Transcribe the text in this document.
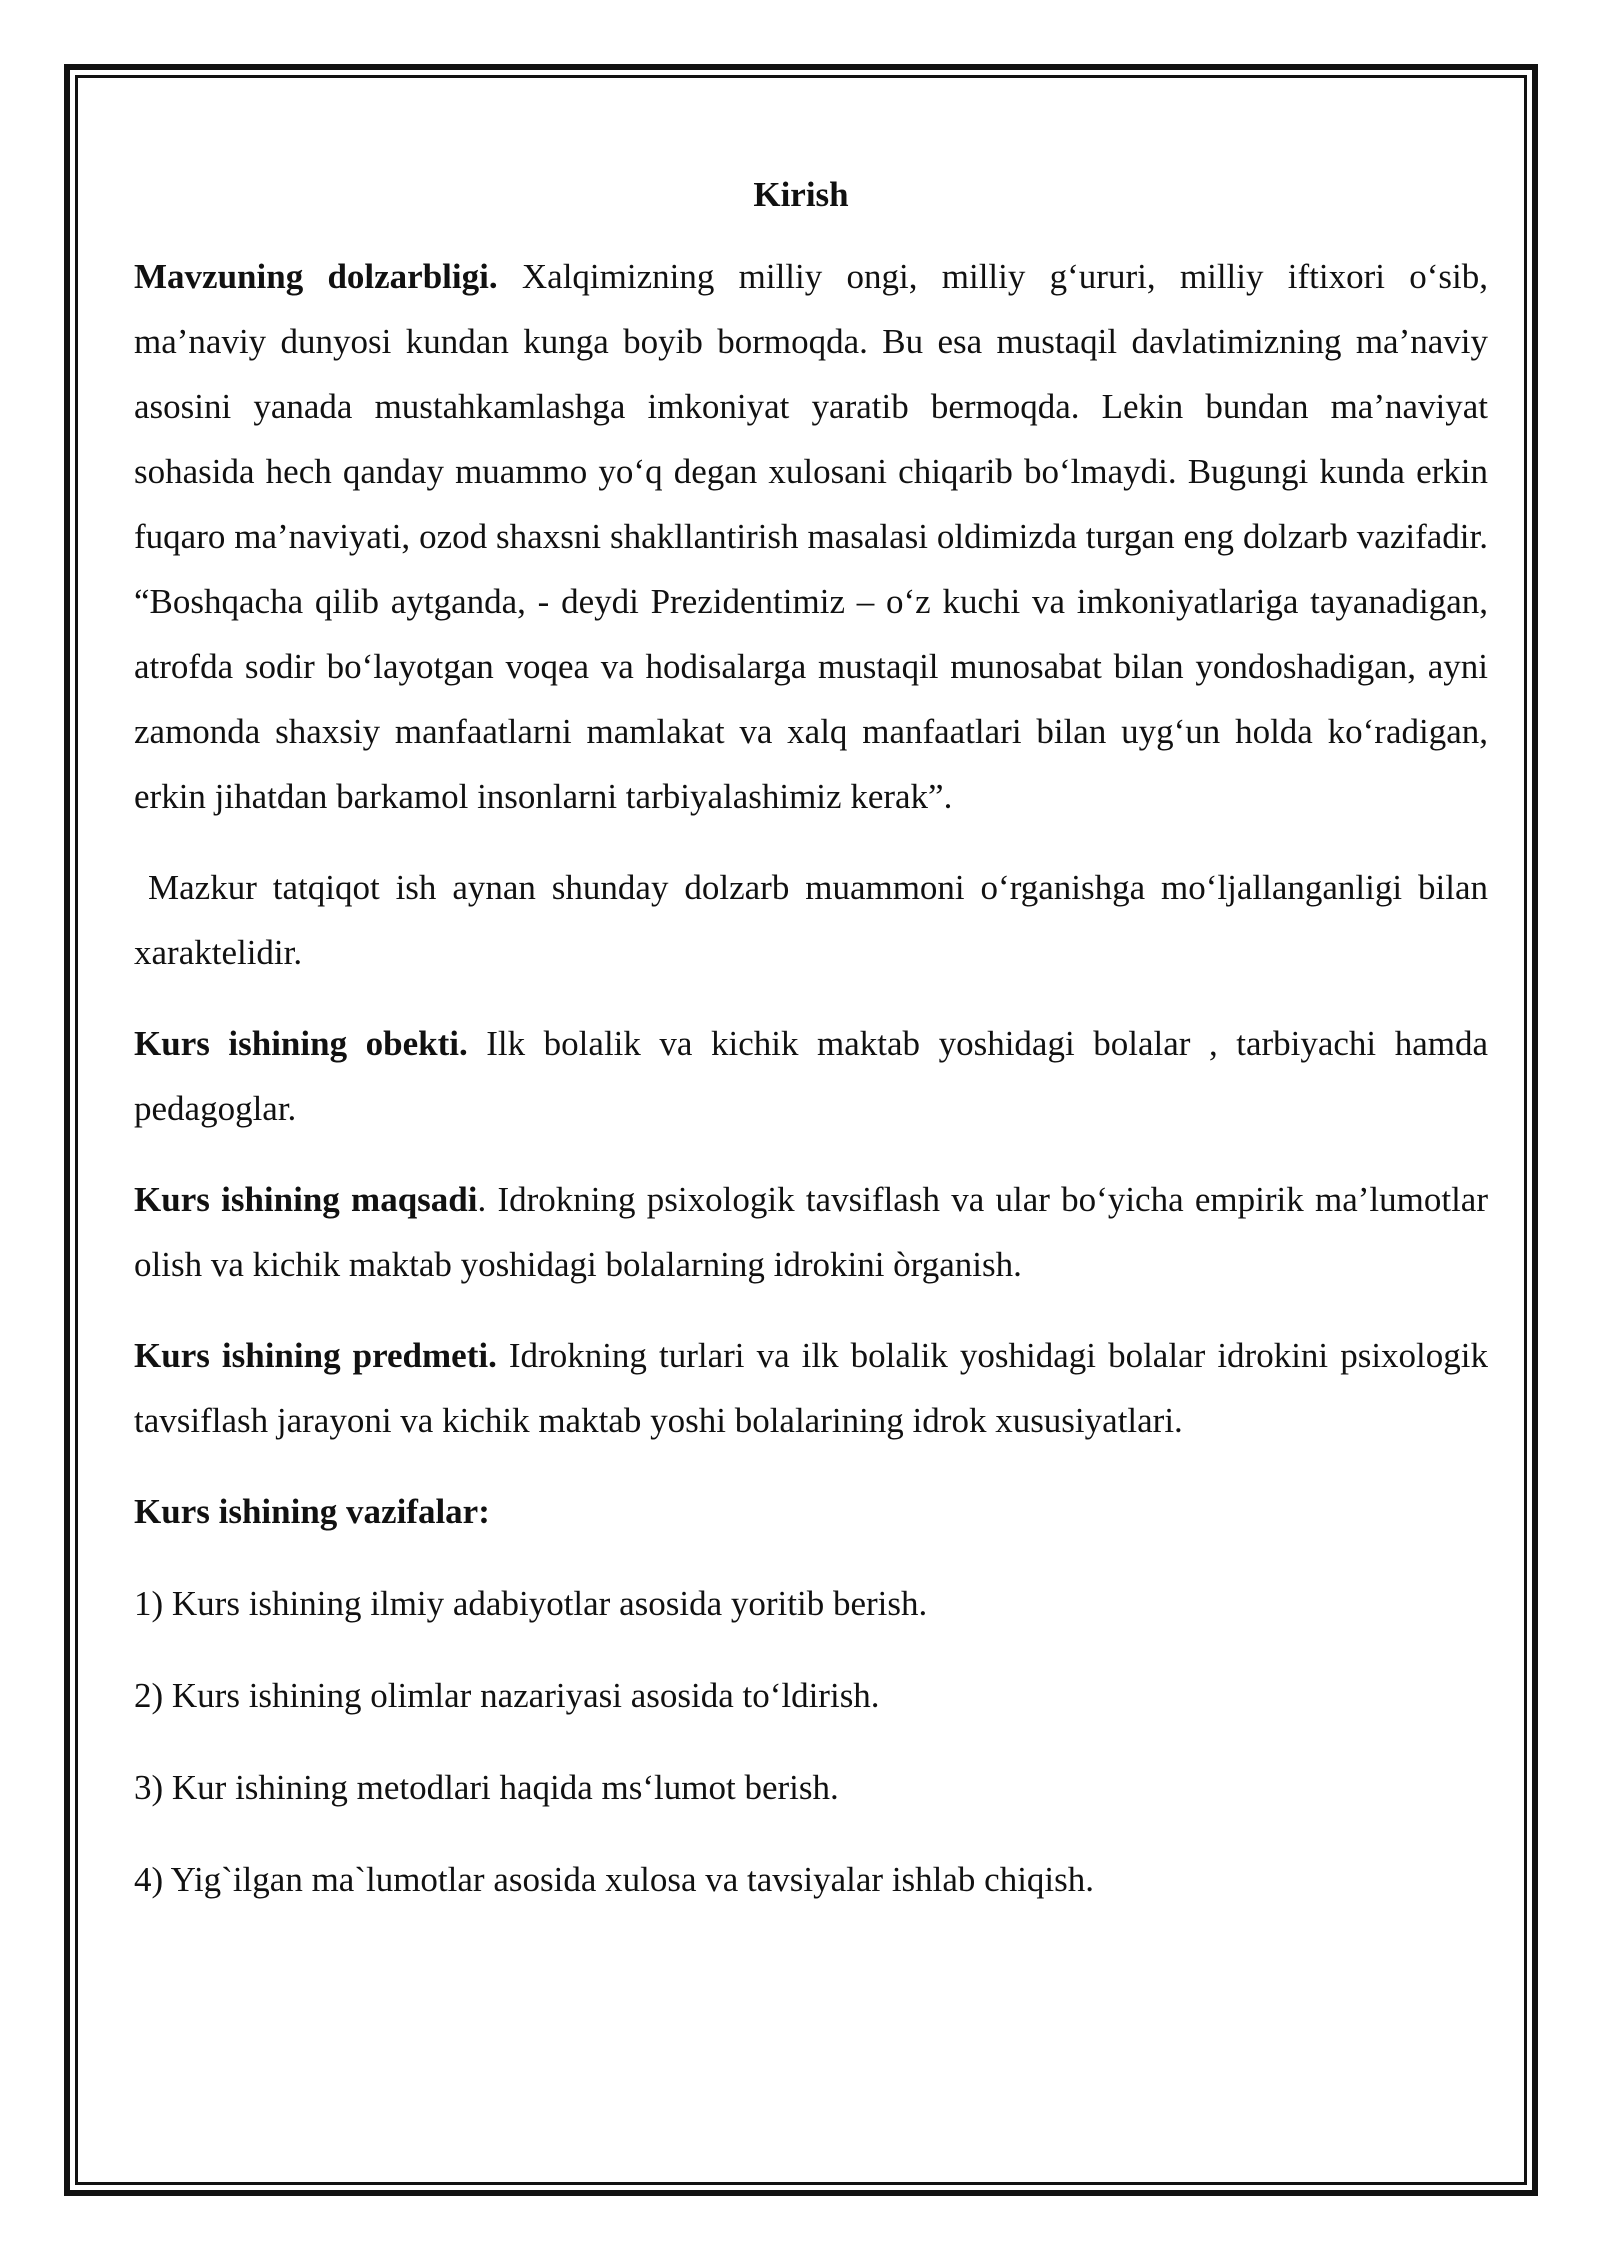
Kirish

Mavzuning dolzarbligi. Xalqimizning milliy ongi, milliy g‘ururi, milliy iftixori o‘sib, ma’naviy dunyosi kundan kunga boyib bormoqda. Bu esa mustaqil davlatimizning ma’naviy asosini yanada mustahkamlashga imkoniyat yaratib bermoqda. Lekin bundan ma’naviyat sohasida hech qanday muammo yo‘q degan xulosani chiqarib bo‘lmaydi. Bugungi kunda erkin fuqaro ma’naviyati, ozod shaxsni shakllantirish masalasi oldimizda turgan eng dolzarb vazifadir. “Boshqacha qilib aytganda, - deydi Prezidentimiz – o‘z kuchi va imkoniyatlariga tayanadigan, atrofda sodir bo‘layotgan voqea va hodisalarga mustaqil munosabat bilan yondoshadigan, ayni zamonda shaxsiy manfaatlarni mamlakat va xalq manfaatlari bilan uyg‘un holda ko‘radigan, erkin jihatdan barkamol insonlarni tarbiyalashimiz kerak”.

Mazkur tatqiqot ish aynan shunday dolzarb muammoni o‘rganishga mo‘ljallanganligi bilan xaraktelidir.

Kurs ishining obekti. Ilk bolalik va kichik maktab yoshidagi bolalar , tarbiyachi hamda pedagoglar.

Kurs ishining maqsadi. Idrokning psixologik tavsiflash va ular bo‘yicha empirik ma’lumotlar olish va kichik maktab yoshidagi bolalarning idrokini òrganish.

Kurs ishining predmeti. Idrokning turlari va ilk bolalik yoshidagi bolalar idrokini psixologik tavsiflash jarayoni va kichik maktab yoshi bolalarining idrok xususiyatlari.

Kurs ishining vazifalar:

1) Kurs ishining ilmiy adabiyotlar asosida yoritib berish.

2) Kurs ishining olimlar nazariyasi asosida to‘ldirish.

3) Kur ishining metodlari haqida ms‘lumot berish.

4) Yig`ilgan ma`lumotlar asosida xulosa va tavsiyalar ishlab chiqish.
